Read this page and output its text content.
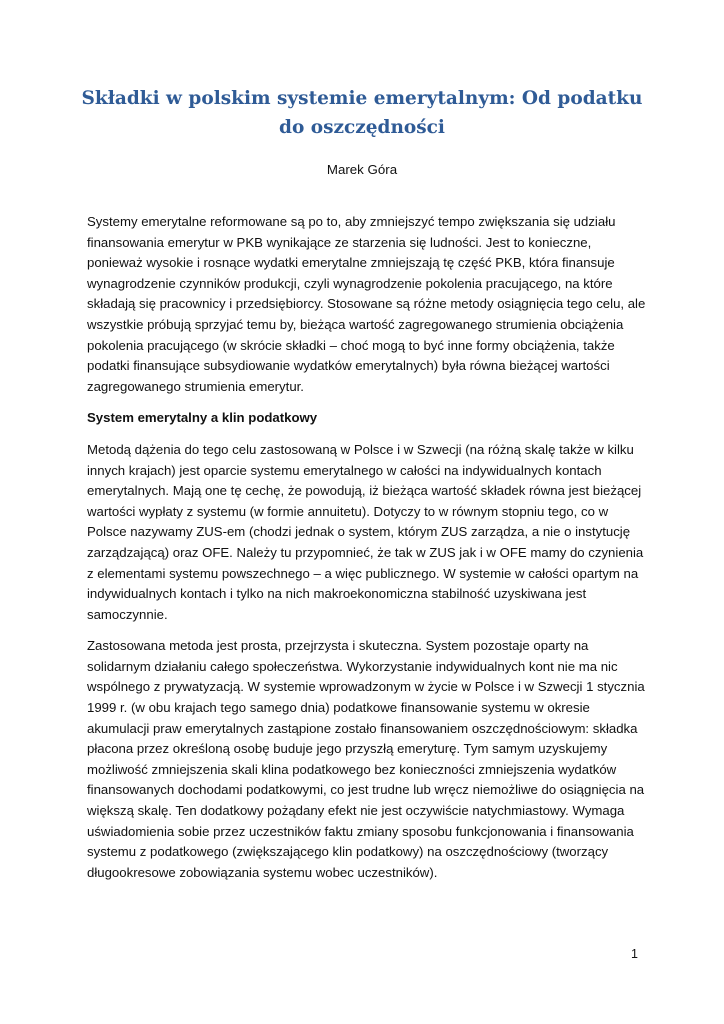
Składki w polskim systemie emerytalnym: Od podatku do oszczędności
Marek Góra

Systemy emerytalne reformowane są po to, aby zmniejszyć tempo zwiększania się udziału finansowania emerytur w PKB wynikające ze starzenia się ludności. Jest to konieczne, ponieważ wysokie i rosnące wydatki emerytalne zmniejszają tę część PKB, która finansuje wynagrodzenie czynników produkcji, czyli wynagrodzenie pokolenia pracującego, na które składają się pracownicy i przedsiębiorcy. Stosowane są różne metody osiągnięcia tego celu, ale wszystkie próbują sprzyjać temu by, bieżąca wartość zagregowanego strumienia obciążenia pokolenia pracującego (w skrócie składki – choć mogą to być inne formy obciążenia, także podatki finansujące subsydiowanie wydatków emerytalnych) była równa bieżącej wartości zagregowanego strumienia emerytur.

System emerytalny a klin podatkowy

Metodą dążenia do tego celu zastosowaną w Polsce i w Szwecji (na różną skalę także w kilku innych krajach) jest oparcie systemu emerytalnego w całości na indywidualnych kontach emerytalnych. Mają one tę cechę, że powodują, iż bieżąca wartość składek równa jest bieżącej wartości wypłaty z systemu (w formie annuitetu). Dotyczy to w równym stopniu tego, co w Polsce nazywamy ZUS-em (chodzi jednak o system, którym ZUS zarządza, a nie o instytucję zarządzającą) oraz OFE. Należy tu przypomnieć, że tak w ZUS jak i w OFE mamy do czynienia z elementami systemu powszechnego – a więc publicznego. W systemie w całości opartym na indywidualnych kontach i tylko na nich makroekonomiczna stabilność uzyskiwana jest samoczynnie.

Zastosowana metoda jest prosta, przejrzysta i skuteczna. System pozostaje oparty na solidarnym działaniu całego społeczeństwa. Wykorzystanie indywidualnych kont nie ma nic wspólnego z prywatyzacją. W systemie wprowadzonym w życie w Polsce i w Szwecji 1 stycznia 1999 r. (w obu krajach tego samego dnia) podatkowe finansowanie systemu w okresie akumulacji praw emerytalnych zastąpione zostało finansowaniem oszczędnościowym: składka płacona przez określoną osobę buduje jego przyszłą emeryturę. Tym samym uzyskujemy możliwość zmniejszenia skali klina podatkowego bez konieczności zmniejszenia wydatków finansowanych dochodami podatkowymi, co jest trudne lub wręcz niemożliwe do osiągnięcia na większą skalę. Ten dodatkowy pożądany efekt nie jest oczywiście natychmiastowy. Wymaga uświadomienia sobie przez uczestników faktu zmiany sposobu funkcjonowania i finansowania systemu z podatkowego (zwiększającego klin podatkowy) na oszczędnościowy (tworzący długookresowe zobowiązania systemu wobec uczestników).

1
